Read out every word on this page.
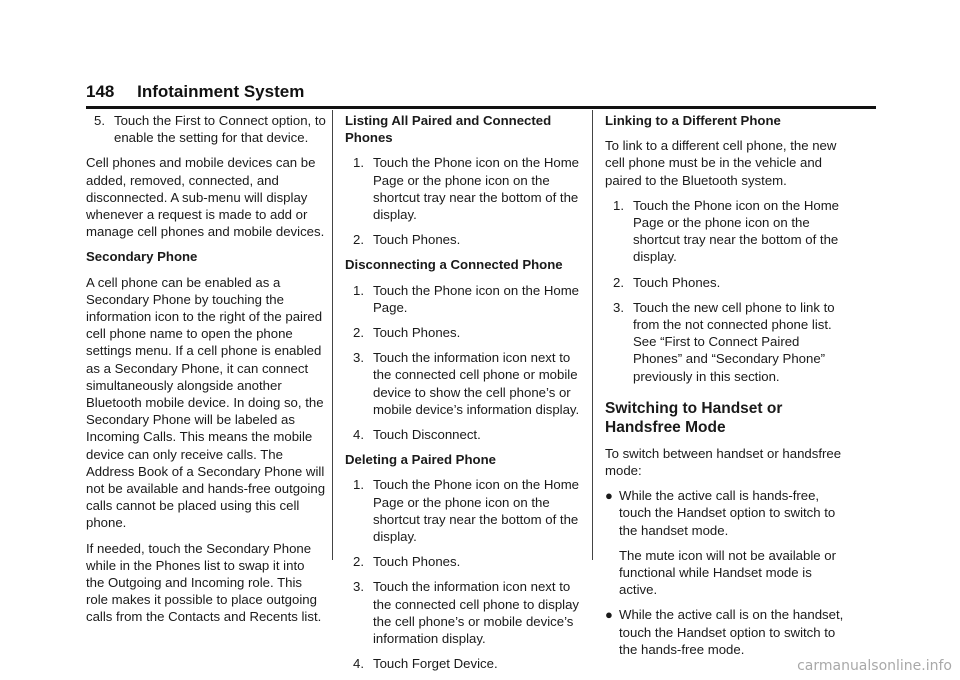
148 Infotainment System
5. Touch the First to Connect option, to enable the setting for that device.

Cell phones and mobile devices can be added, removed, connected, and disconnected. A sub-menu will display whenever a request is made to add or manage cell phones and mobile devices.

Secondary Phone

A cell phone can be enabled as a Secondary Phone by touching the information icon to the right of the paired cell phone name to open the phone settings menu. If a cell phone is enabled as a Secondary Phone, it can connect simultaneously alongside another Bluetooth mobile device. In doing so, the Secondary Phone will be labeled as Incoming Calls. This means the mobile device can only receive calls. The Address Book of a Secondary Phone will not be available and hands-free outgoing calls cannot be placed using this cell phone.

If needed, touch the Secondary Phone while in the Phones list to swap it into the Outgoing and Incoming role. This role makes it possible to place outgoing calls from the Contacts and Recents list.

Listing All Paired and Connected Phones
1. Touch the Phone icon on the Home Page or the phone icon on the shortcut tray near the bottom of the display.
2. Touch Phones.
Disconnecting a Connected Phone
1. Touch the Phone icon on the Home Page.
2. Touch Phones.
3. Touch the information icon next to the connected cell phone or mobile device to show the cell phone’s or mobile device’s information display.
4. Touch Disconnect.
Deleting a Paired Phone
1. Touch the Phone icon on the Home Page or the phone icon on the shortcut tray near the bottom of the display.
2. Touch Phones.
3. Touch the information icon next to the connected cell phone to display the cell phone’s or mobile device’s information display.
4. Touch Forget Device.
Linking to a Different Phone

To link to a different cell phone, the new cell phone must be in the vehicle and paired to the Bluetooth system.

1. Touch the Phone icon on the Home Page or the phone icon on the shortcut tray near the bottom of the display.
2. Touch Phones.
3. Touch the new cell phone to link to from the not connected phone list. See “First to Connect Paired Phones” and “Secondary Phone” previously in this section.
Switching to Handset or
Handsfree Mode

To switch between handset or handsfree mode:

● While the active call is hands-free, touch the Handset option to switch to the handset mode.

The mute icon will not be available or functional while Handset mode is active.

● While the active call is on the handset, touch the Handset option to switch to the hands-free mode.
carmanualsonline.info
